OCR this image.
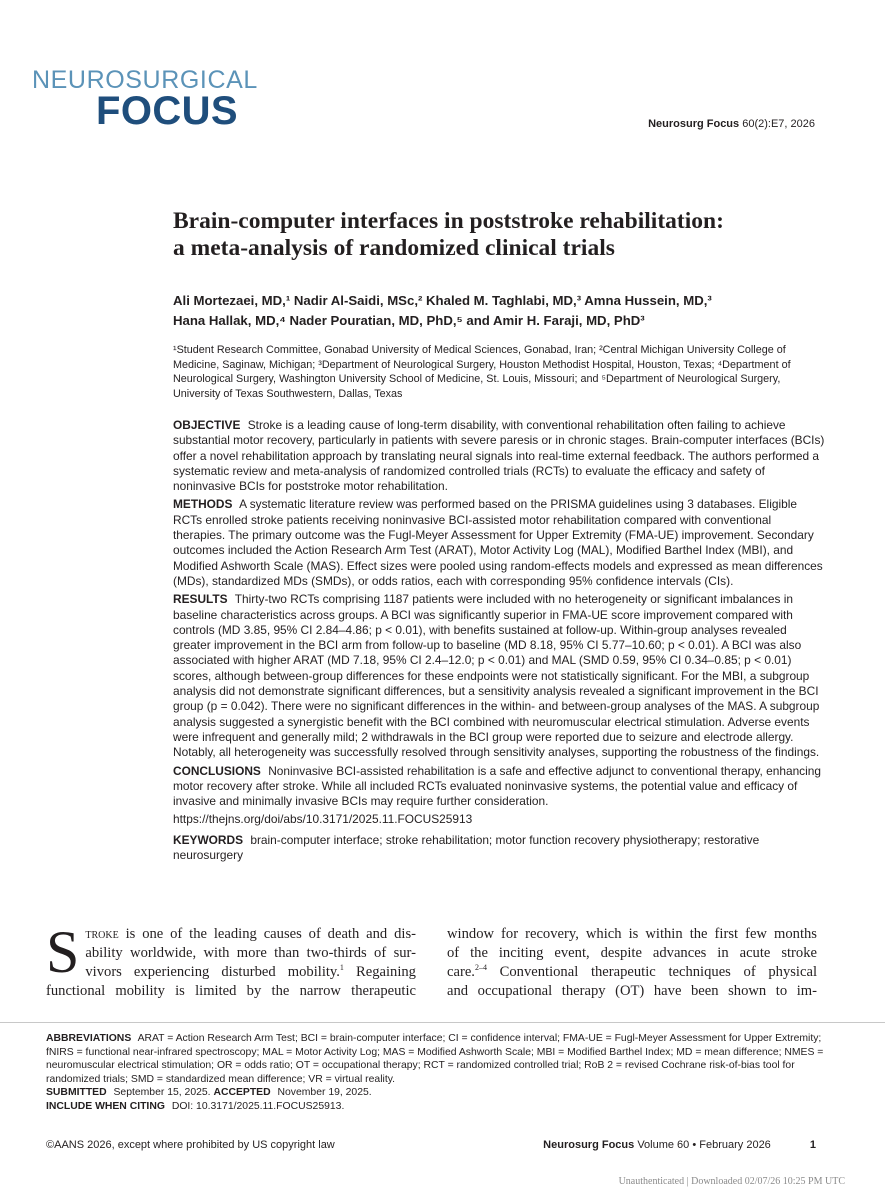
NEUROSURGICAL
FOCUS	Neurosurg Focus 60(2):E7, 2026
Brain-computer interfaces in poststroke rehabilitation:
a meta-analysis of randomized clinical trials
Ali Mortezaei, MD,¹ Nadir Al-Saidi, MSc,² Khaled M. Taghlabi, MD,³ Amna Hussein, MD,³
Hana Hallak, MD,⁴ Nader Pouratian, MD, PhD,⁵ and Amir H. Faraji, MD, PhD³
¹Student Research Committee, Gonabad University of Medical Sciences, Gonabad, Iran; ²Central Michigan University College of Medicine, Saginaw, Michigan; ³Department of Neurological Surgery, Houston Methodist Hospital, Houston, Texas; ⁴Department of Neurological Surgery, Washington University School of Medicine, St. Louis, Missouri; and ⁵Department of Neurological Surgery, University of Texas Southwestern, Dallas, Texas

OBJECTIVE Stroke is a leading cause of long-term disability, with conventional rehabilitation often failing to achieve substantial motor recovery, particularly in patients with severe paresis or in chronic stages. Brain-computer interfaces (BCIs) offer a novel rehabilitation approach by translating neural signals into real-time external feedback. The authors performed a systematic review and meta-analysis of randomized controlled trials (RCTs) to evaluate the efficacy and safety of noninvasive BCIs for poststroke motor rehabilitation.

METHODS A systematic literature review was performed based on the PRISMA guidelines using 3 databases. Eligible RCTs enrolled stroke patients receiving noninvasive BCI-assisted motor rehabilitation compared with conventional therapies. The primary outcome was the Fugl-Meyer Assessment for Upper Extremity (FMA-UE) improvement. Secondary outcomes included the Action Research Arm Test (ARAT), Motor Activity Log (MAL), Modified Barthel Index (MBI), and Modified Ashworth Scale (MAS). Effect sizes were pooled using random-effects models and expressed as mean differences (MDs), standardized MDs (SMDs), or odds ratios, each with corresponding 95% confidence intervals (CIs).

RESULTS Thirty-two RCTs comprising 1187 patients were included with no heterogeneity or significant imbalances in baseline characteristics across groups. A BCI was significantly superior in FMA-UE score improvement compared with controls (MD 3.85, 95% CI 2.84–4.86; p < 0.01), with benefits sustained at follow-up. Within-group analyses revealed greater improvement in the BCI arm from follow-up to baseline (MD 8.18, 95% CI 5.77–10.60; p < 0.01). A BCI was also associated with higher ARAT (MD 7.18, 95% CI 2.4–12.0; p < 0.01) and MAL (SMD 0.59, 95% CI 0.34–0.85; p < 0.01) scores, although between-group differences for these endpoints were not statistically significant. For the MBI, a subgroup analysis did not demonstrate significant differences, but a sensitivity analysis revealed a significant improvement in the BCI group (p = 0.042). There were no significant differences in the within- and between-group analyses of the MAS. A subgroup analysis suggested a synergistic benefit with the BCI combined with neuromuscular electrical stimulation. Adverse events were infrequent and generally mild; 2 withdrawals in the BCI group were reported due to seizure and electrode allergy. Notably, all heterogeneity was successfully resolved through sensitivity analyses, supporting the robustness of the findings.

CONCLUSIONS Noninvasive BCI-assisted rehabilitation is a safe and effective adjunct to conventional therapy, enhancing motor recovery after stroke. While all included RCTs evaluated noninvasive systems, the potential value and efficacy of invasive and minimally invasive BCIs may require further consideration.

https://thejns.org/doi/abs/10.3171/2025.11.FOCUS25913

KEYWORDS brain-computer interface; stroke rehabilitation; motor function recovery physiotherapy; restorative neurosurgery

S troke is one of the leading causes of death and dis-
ability worldwide, with more than two-thirds of sur-
vivors experiencing disturbed mobility.$^1$ Regaining
functional mobility is limited by the narrow therapeutic
window for recovery, which is within the first few months
of the inciting event, despite advances in acute stroke
care.$^{2-4}$ Conventional therapeutic techniques of physical
and occupational therapy (OT) have been shown to im-

ABBREVIATIONS ARAT = Action Research Arm Test; BCI = brain-computer interface; CI = confidence interval; FMA-UE = Fugl-Meyer Assessment for Upper Extremity; fNIRS = functional near-infrared spectroscopy; MAL = Motor Activity Log; MAS = Modified Ashworth Scale; MBI = Modified Barthel Index; MD = mean difference; NMES = neuromuscular electrical stimulation; OR = odds ratio; OT = occupational therapy; RCT = randomized controlled trial; RoB 2 = revised Cochrane risk-of-bias tool for randomized trials; SMD = standardized mean difference; VR = virtual reality.

SUBMITTED September 15, 2025. ACCEPTED November 19, 2025.

INCLUDE WHEN CITING DOI: 10.3171/2025.11.FOCUS25913.

©AANS 2026, except where prohibited by US copyright law	Neurosurg Focus Volume 60 • February 2026	1
Unauthenticated | Downloaded 02/07/26 10:25 PM UTC
